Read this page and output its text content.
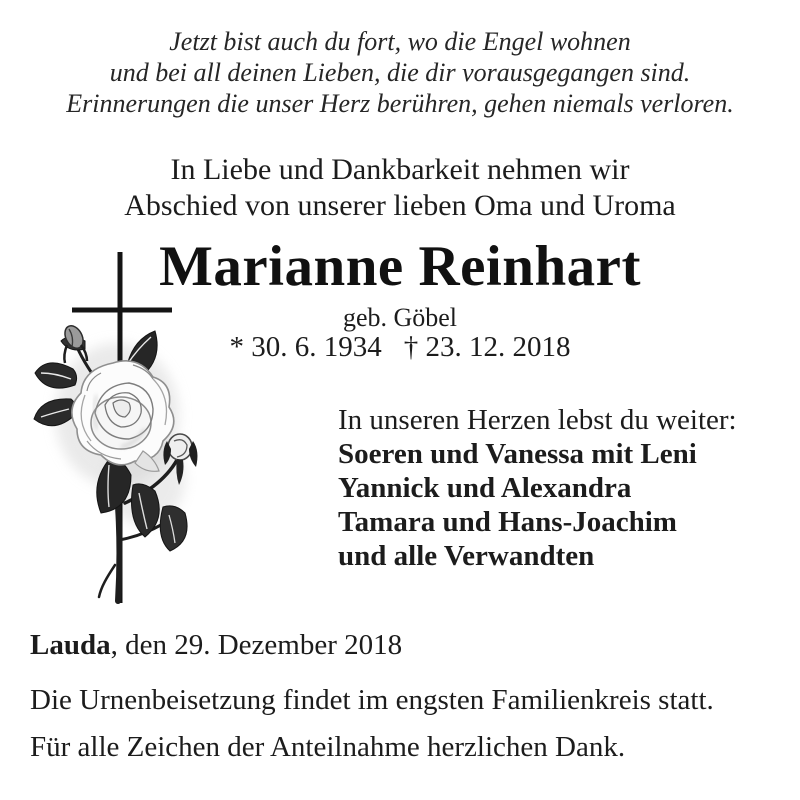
Jetzt bist auch du fort, wo die Engel wohnen
und bei all deinen Lieben, die dir vorausgegangen sind.
Erinnerungen die unser Herz berühren, gehen niemals verloren.
In Liebe und Dankbarkeit nehmen wir
Abschied von unserer lieben Oma und Uroma
Marianne Reinhart
geb. Göbel
* 30. 6. 1934 † 23. 12. 2018
In unseren Herzen lebst du weiter:
Soeren und Vanessa mit Leni
Yannick und Alexandra
Tamara und Hans-Joachim
und alle Verwandten
Lauda, den 29. Dezember 2018
Die Urnenbeisetzung findet im engsten Familienkreis statt.
Für alle Zeichen der Anteilnahme herzlichen Dank.
